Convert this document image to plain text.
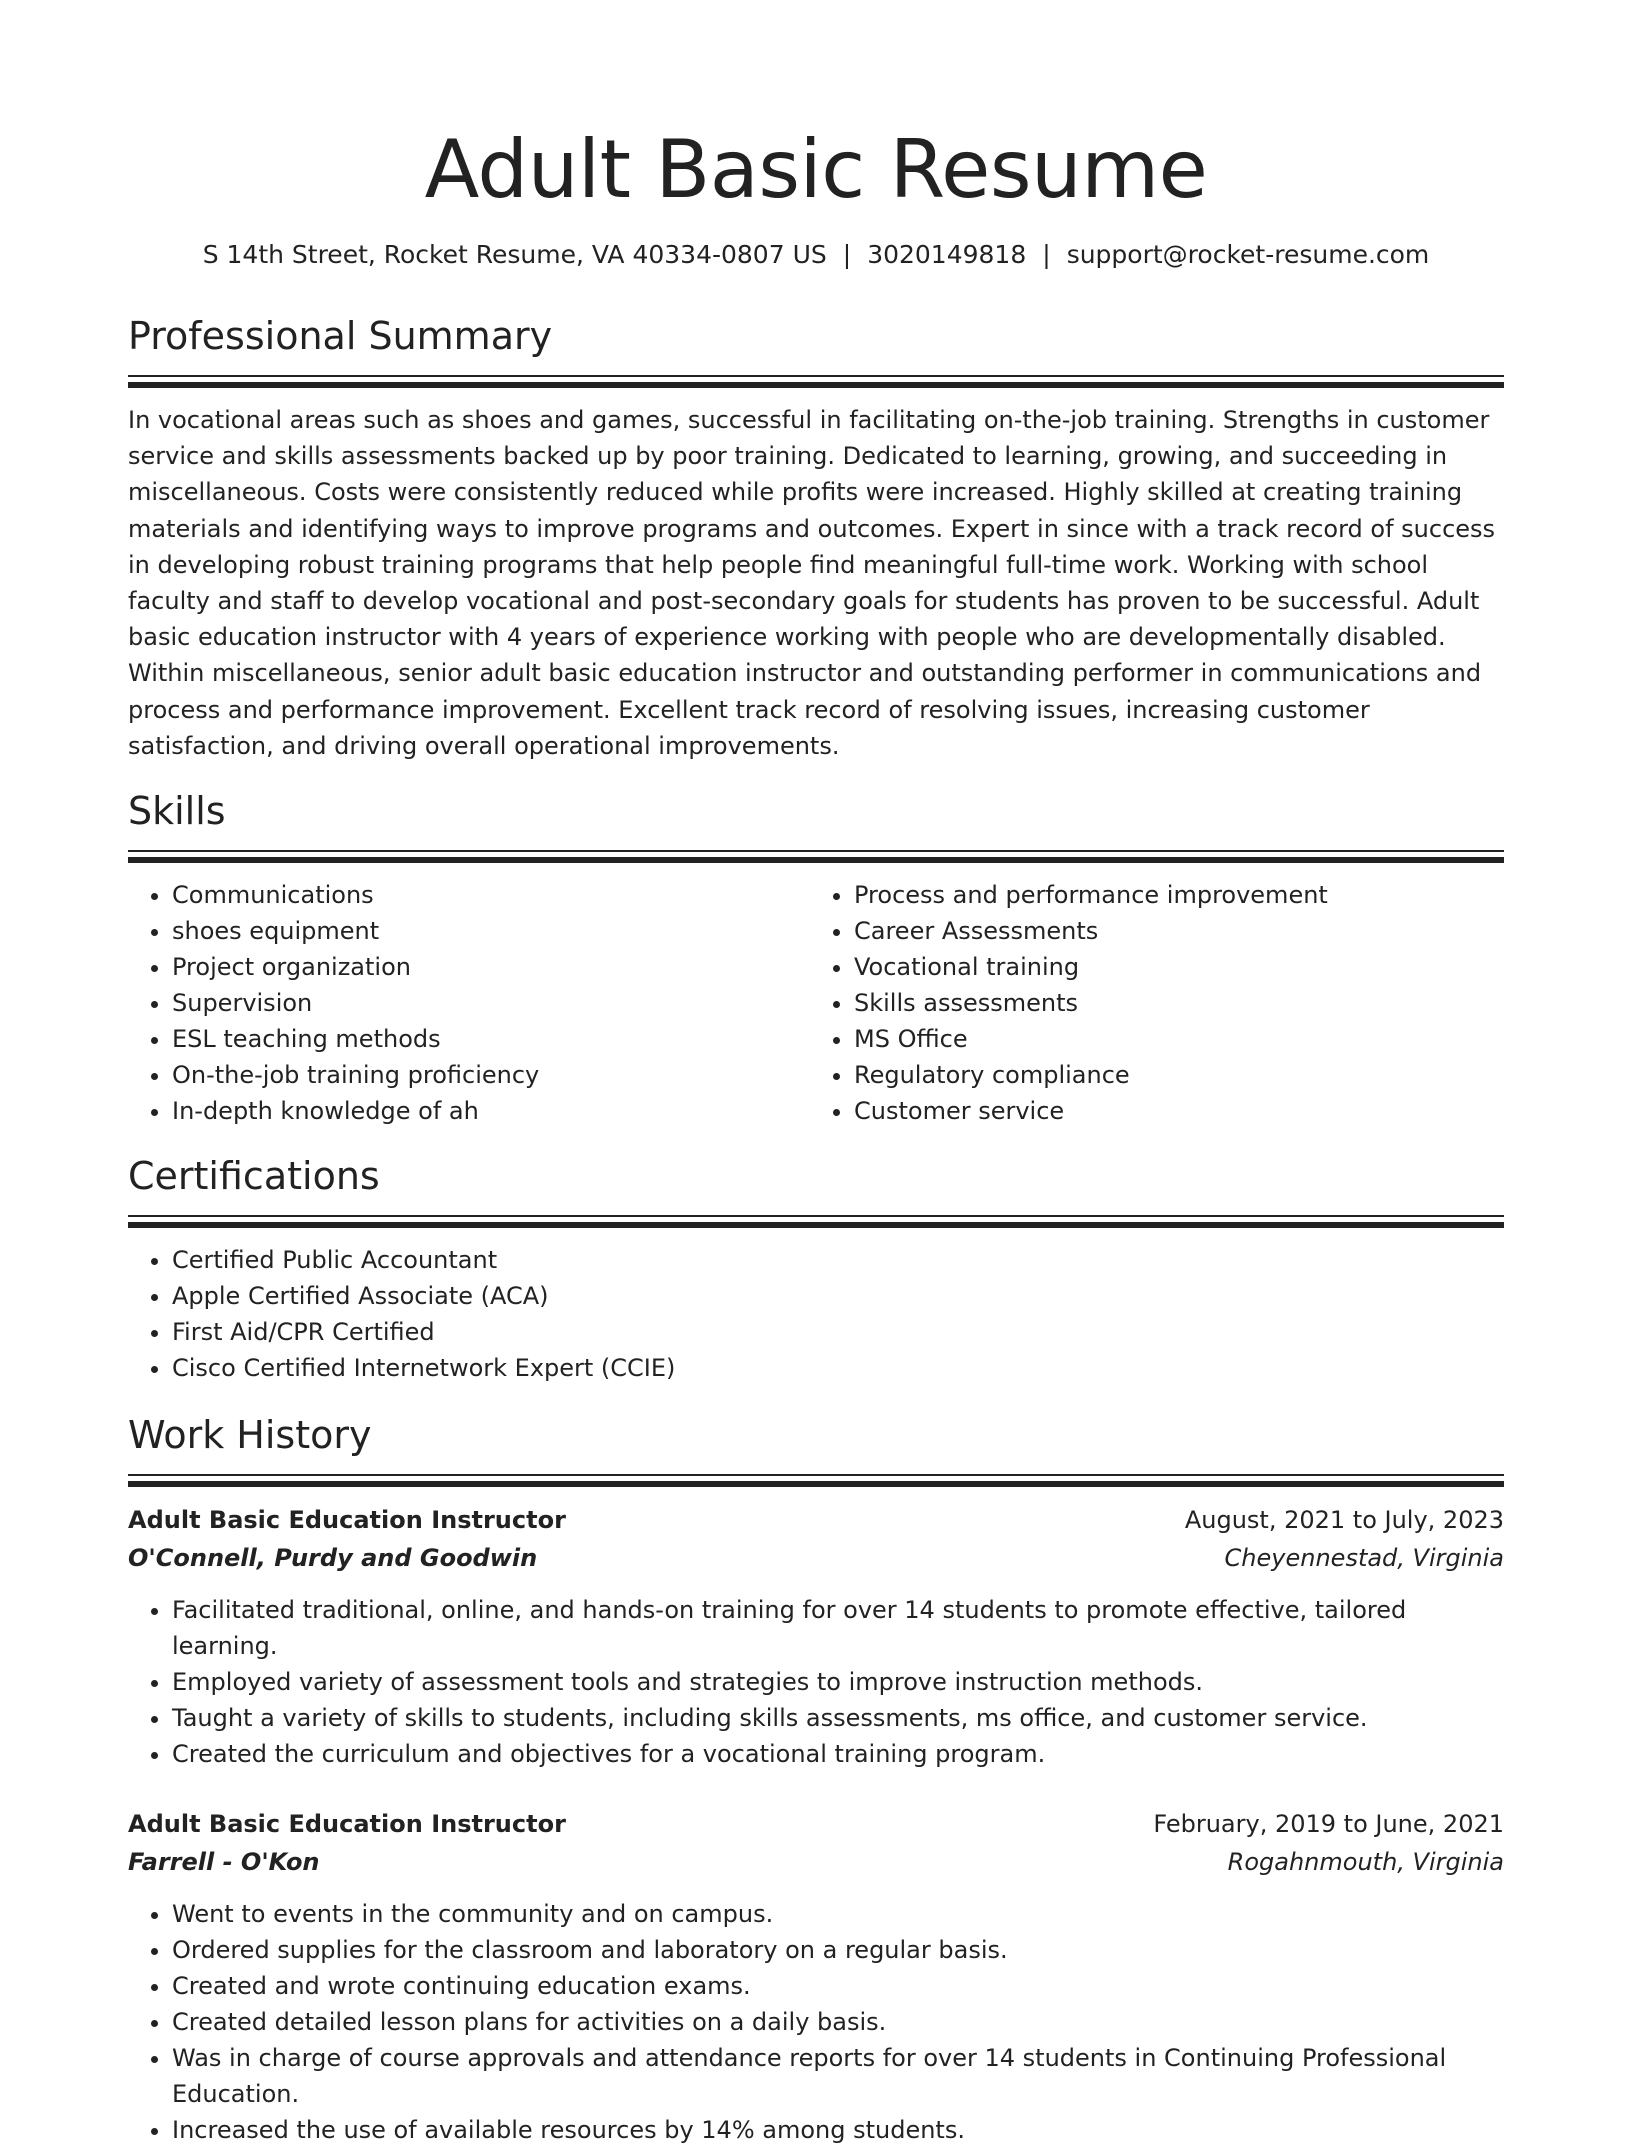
Adult Basic Resume
S 14th Street, Rocket Resume, VA 40334-0807 US | 3020149818 | support@rocket-resume.com
Professional Summary

In vocational areas such as shoes and games, successful in facilitating on-the-job training. Strengths in customer service and skills assessments backed up by poor training. Dedicated to learning, growing, and succeeding in miscellaneous. Costs were consistently reduced while profits were increased. Highly skilled at creating training materials and identifying ways to improve programs and outcomes. Expert in since with a track record of success in developing robust training programs that help people find meaningful full-time work. Working with school faculty and staff to develop vocational and post-secondary goals for students has proven to be successful. Adult basic education instructor with 4 years of experience working with people who are developmentally disabled. Within miscellaneous, senior adult basic education instructor and outstanding performer in communications and process and performance improvement. Excellent track record of resolving issues, increasing customer satisfaction, and driving overall operational improvements.

Skills
• Communications
• shoes equipment
• Project organization
• Supervision
• ESL teaching methods
• On-the-job training proficiency
• In-depth knowledge of ah
• Process and performance improvement
• Career Assessments
• Vocational training
• Skills assessments
• MS Office
• Regulatory compliance
• Customer service
Certifications
• Certified Public Accountant
• Apple Certified Associate (ACA)
• First Aid/CPR Certified
• Cisco Certified Internetwork Expert (CCIE)
Work History
Adult Basic Education Instructor	August, 2021 to July, 2023
O'Connell, Purdy and Goodwin	Cheyennestad, Virginia
• Facilitated traditional, online, and hands-on training for over 14 students to promote effective, tailored learning.
• Employed variety of assessment tools and strategies to improve instruction methods.
• Taught a variety of skills to students, including skills assessments, ms office, and customer service.
• Created the curriculum and objectives for a vocational training program.
Adult Basic Education Instructor	February, 2019 to June, 2021
Farrell - O'Kon	Rogahnmouth, Virginia
• Went to events in the community and on campus.
• Ordered supplies for the classroom and laboratory on a regular basis.
• Created and wrote continuing education exams.
• Created detailed lesson plans for activities on a daily basis.
• Was in charge of course approvals and attendance reports for over 14 students in Continuing Professional Education.
• Increased the use of available resources by 14% among students.
